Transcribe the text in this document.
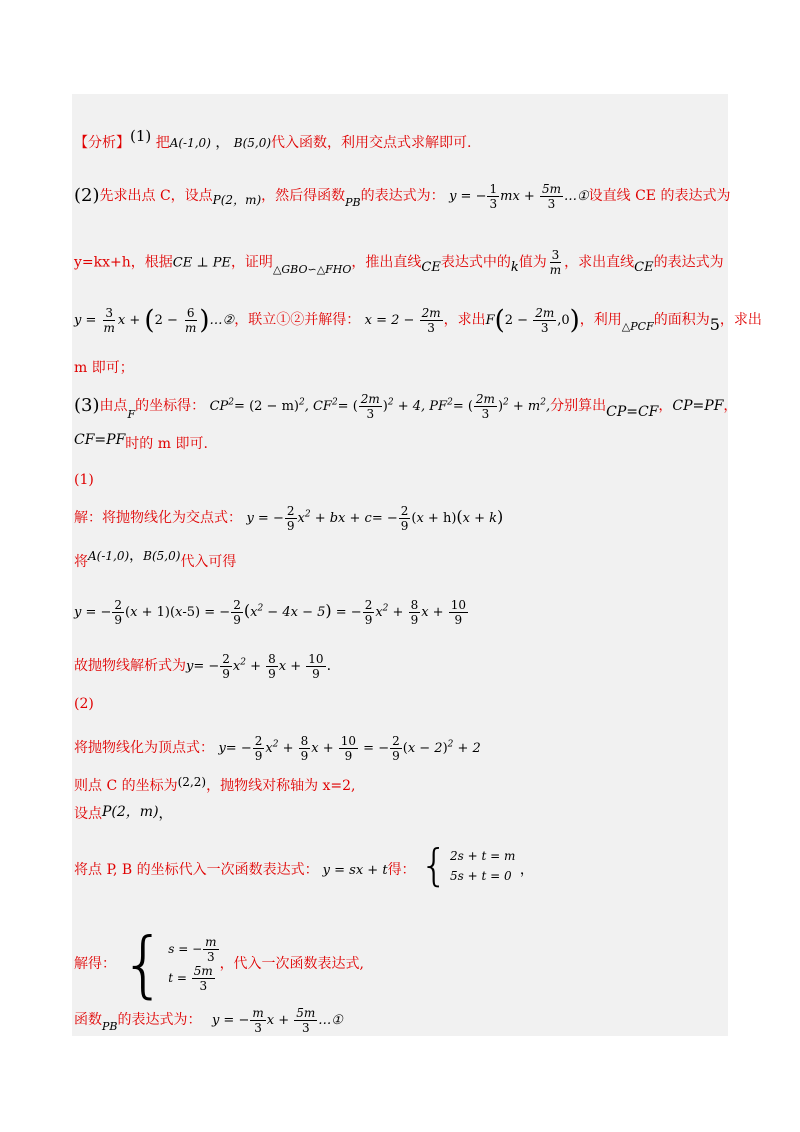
【分析】(1) 把A(-1,0) ， B(5,0)代入函数，利用交点式求解即可.
(2)先求出点 C，设点P(2，m)，然后得函数$_{PB}$的表达式为： y = − $\frac{1}{3}$ mx + $\frac{5m}{3}$ …①设直线 CE 的表达式为
y=kx+h，根据CE ⊥ PE，证明$_{\triangle GBO∽\triangle FHO}$，推出直线CE表达式中的k值为 $\frac{3}{m}$ ，求出直线CE的表达式为
$y = \frac{3}{m}$ $x + (2 - \frac{6}{m}$ )…②，联立①②并解得： $x = 2 - \frac{2m}{3}$ ，求出$F(2 - \frac{2m}{3} ,0)$，利用$_{\triangle PCF}$的面积为5，求出
m 即可；
(3)由点$_F$的坐标得： $CP^2= (2 - m)^2$, $CF^2=$ ( $\frac{2m}{3} )^2 + 4$, $PF^2=$ ( $\frac{2m}{3} )^2 + m^2$,分别算出CP=CF，CP=PF，
CF=PF时的 m 即可.
(1)
解：将抛物线化为交点式： y = − $\frac{2}{9} x^2$ + bx + $c= - \frac{2}{9} (x + h)(x + k)$
将A(-1,0)，B(5,0)代入可得
y = − $\frac{2}{9} (x + 1)(x-5)$ = − $\frac{2}{9} (x^2 - 4x - 5)$ = − $\frac{2}{9} x^2 + \frac{8}{9}$ $x + \frac{10}{9}$
故抛物线解析式为$y= - \frac{2}{9} x^2 + \frac{8}{9}$ $x + \frac{10}{9}$ .
(2)
将抛物线化为顶点式： $y= - \frac{2}{9} x^2 + \frac{8}{9}$ $x + \frac{10}{9}$ = − $\frac{2}{9} (x - 2)^2 + 2$
则点 C 的坐标为(2,2)，抛物线对称轴为 x=2,
设点P(2，m)，
将点 P, B 的坐标代入一次函数表达式： y = sx + t得： { 2s + t = m
5s + t = 0 ，
解得： { s = − $\frac{m}{3}$
$t = \frac{5m}{3}$ ，代入一次函数表达式,
函数$_{PB}$的表达式为： y = − $\frac{m}{3}$ $x + \frac{5m}{3}$ …①
